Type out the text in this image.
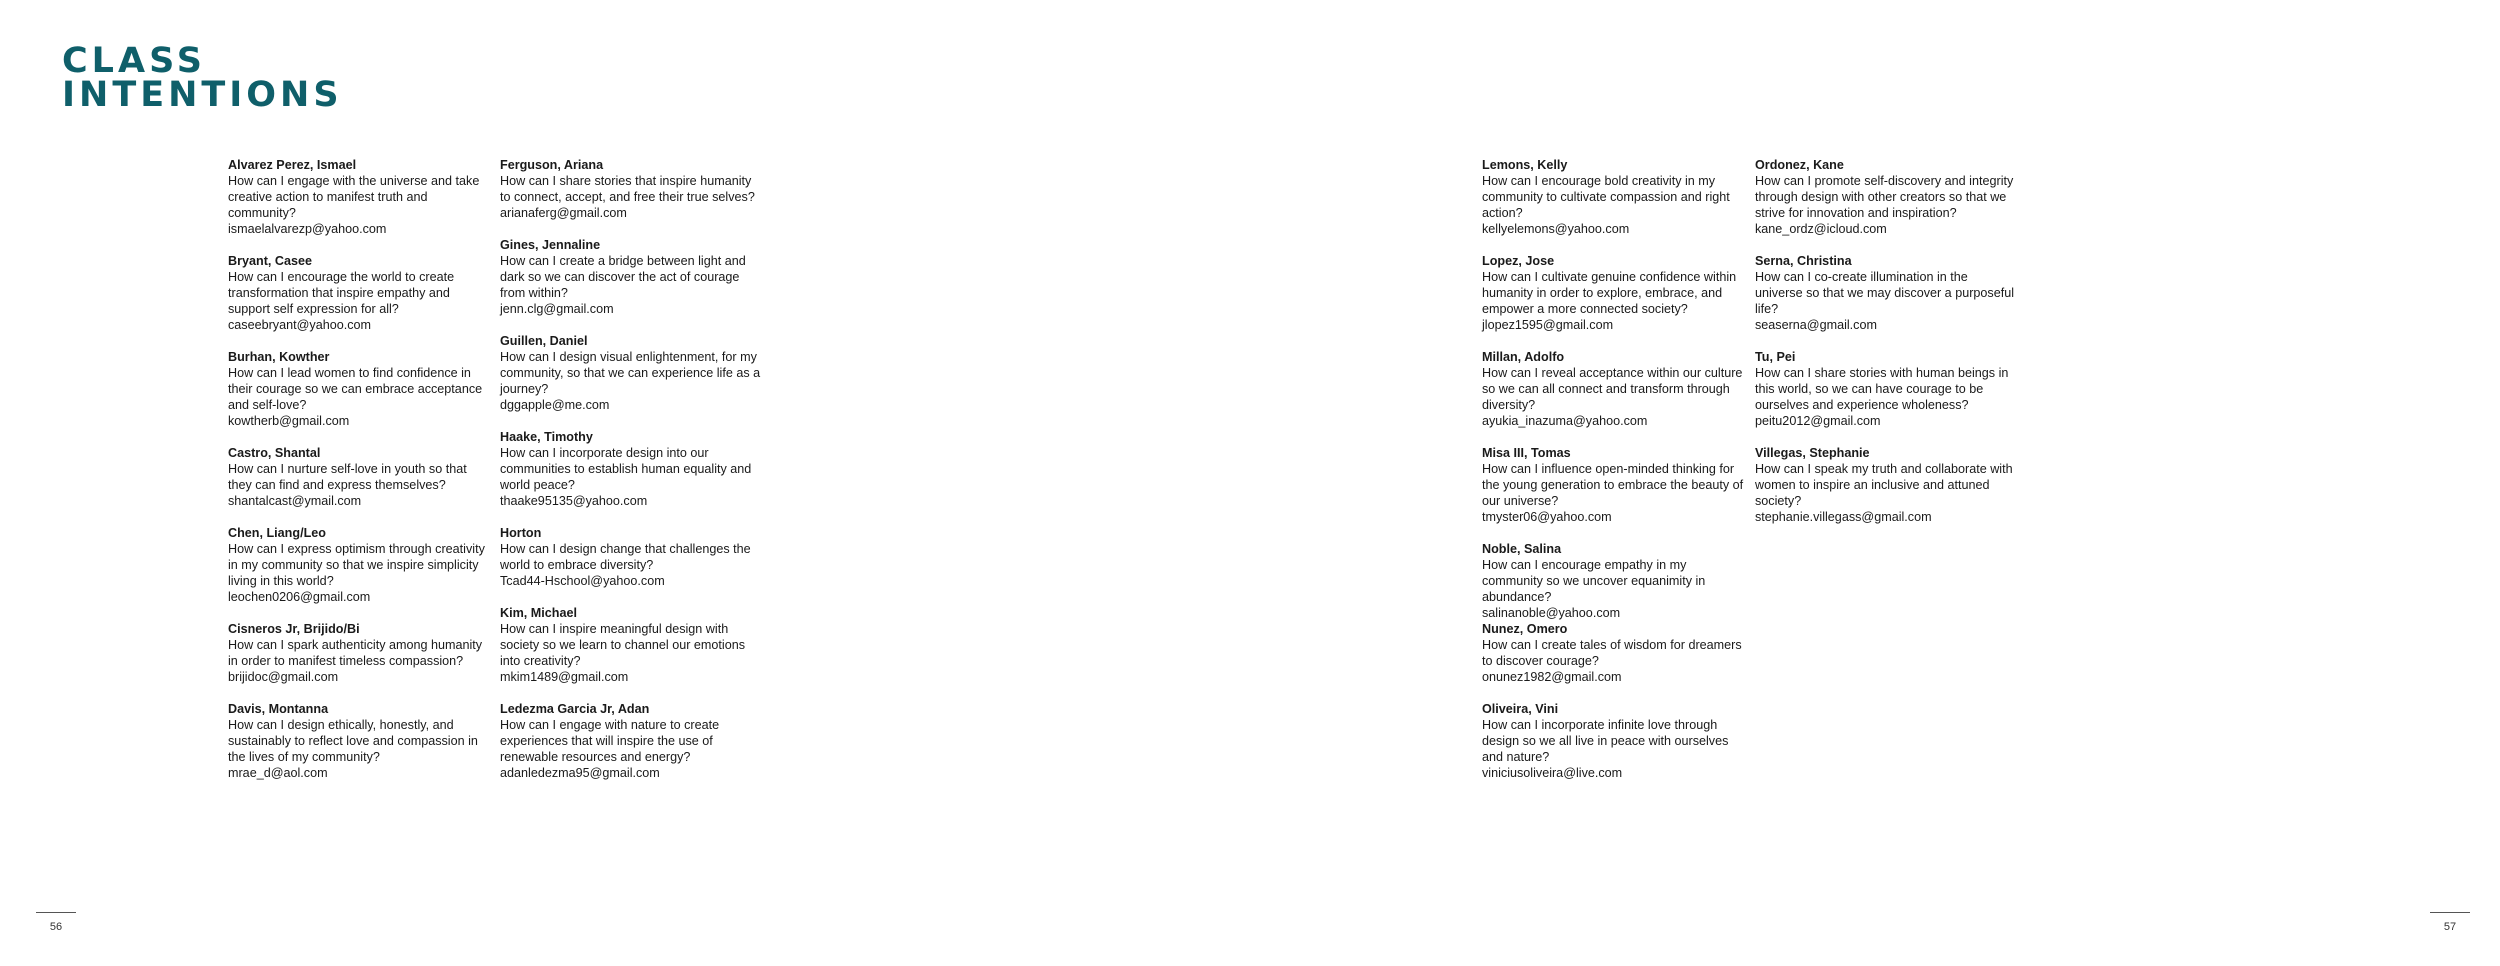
CLASS
INTENTIONS
Alvarez Perez, Ismael
How can I engage with the universe and take creative action to manifest truth and community?
ismaelalvarezp@yahoo.com
Bryant, Casee
How can I encourage the world to create transformation that inspire empathy and support self expression for all?
caseebryant@yahoo.com
Burhan, Kowther
How can I lead women to find confidence in their courage so we can embrace acceptance and self-love?
kowtherb@gmail.com
Castro, Shantal
How can I nurture self-love in youth so that they can find and express themselves?
shantalcast@ymail.com
Chen, Liang/Leo
How can I express optimism through creativity in my community so that we inspire simplicity living in this world?
leochen0206@gmail.com
Cisneros Jr, Brijido/Bi
How can I spark authenticity among humanity in order to manifest timeless compassion?
brijidoc@gmail.com
Davis, Montanna
How can I design ethically, honestly, and sustainably to reflect love and compassion in the lives of my community?
mrae_d@aol.com
Ferguson, Ariana
How can I share stories that inspire humanity to connect, accept, and free their true selves?
arianaferg@gmail.com
Gines, Jennaline
How can I create a bridge between light and dark so we can discover the act of courage from within?
jenn.clg@gmail.com
Guillen, Daniel
How can I design visual enlightenment, for my community, so that we can experience life as a journey?
dggapple@me.com
Haake, Timothy
How can I incorporate design into our communities to establish human equality and world peace?
thaake95135@yahoo.com
Horton
How can I design change that challenges the world to embrace diversity?
Tcad44-Hschool@yahoo.com
Kim, Michael
How can I inspire meaningful design with society so we learn to channel our emotions into creativity?
mkim1489@gmail.com
Ledezma Garcia Jr, Adan
How can I engage with nature to create experiences that will inspire the use of renewable resources and energy?
adanledezma95@gmail.com
Lemons, Kelly
How can I encourage bold creativity in my community to cultivate compassion and right action?
kellyelemons@yahoo.com
Lopez, Jose
How can I cultivate genuine confidence within humanity in order to explore, embrace, and empower a more connected society?
jlopez1595@gmail.com
Millan, Adolfo
How can I reveal acceptance within our culture so we can all connect and transform through diversity?
ayukia_inazuma@yahoo.com
Misa III, Tomas
How can I influence open-minded thinking for the young generation to embrace the beauty of our universe?
tmyster06@yahoo.com
Noble, Salina
How can I encourage empathy in my community so we uncover equanimity in abundance?
salinanoble@yahoo.com
Nunez, Omero
How can I create tales of wisdom for dreamers to discover courage?
onunez1982@gmail.com
Oliveira, Vini
How can I incorporate infinite love through design so we all live in peace with ourselves and nature?
viniciusoliveira@live.com
Ordonez, Kane
How can I promote self-discovery and integrity through design with other creators so that we strive for innovation and inspiration?
kane_ordz@icloud.com
Serna, Christina
How can I co-create illumination in the universe so that we may discover a purposeful life?
seaserna@gmail.com
Tu, Pei
How can I share stories with human beings in this world, so we can have courage to be ourselves and experience wholeness?
peitu2012@gmail.com
Villegas, Stephanie
How can I speak my truth and collaborate with women to inspire an inclusive and attuned society?
stephanie.villegass@gmail.com
56	57
